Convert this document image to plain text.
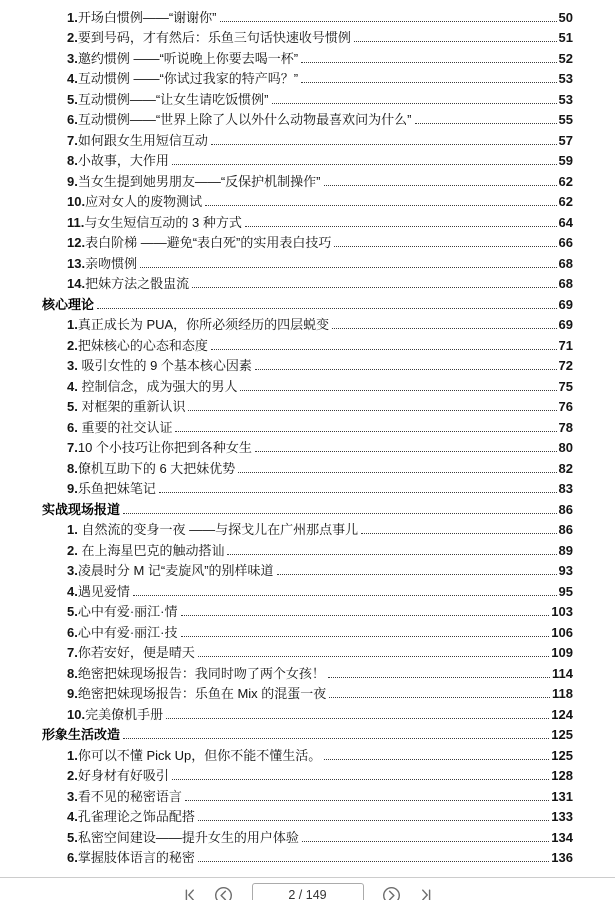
1. 开场白惯例——“谢谢你”	50
2. 要到号码，才有然后：乐鱼三句话快速收号惯例	51
3. 邀约惯例 ——“听说晚上你要去喝一杯”	52
4. 互动惯例 ——“你试过我家的特产吗？”	53
5. 互动惯例——“让女生请吃饭惯例”	53
6. 互动惯例——“世界上除了人以外什么动物最喜欢问为什么”	55
7. 如何跟女生用短信互动	57
8. 小故事，大作用	59
9. 当女生提到她男朋友——“反保护机制操作”	62
10. 应对女人的废物测试	62
11. 与女生短信互动的 3 种方式	64
12. 表白阶梯 ——避免“表白死”的实用表白技巧	66
13. 亲吻惯例	68
14. 把妹方法之骰盅流	68
核心理论	69
1. 真正成长为 PUA，你所必须经历的四层蜕变	69
2. 把妹核心的心态和态度	71
3. 吸引女性的 9 个基本核心因素	72
4. 控制信念，成为强大的男人	75
5. 对框架的重新认识	76
6. 重要的社交认证	78
7. 10 个小技巧让你把到各种女生	80
8. 僚机互助下的 6 大把妹优势	82
9. 乐鱼把妹笔记	83
实战现场报道	86
1. 自然流的变身一夜 ——与探戈儿在广州那点事儿	86
2. 在上海星巴克的触动搭讪	89
3. 凌晨时分 M 记“麦旋风”的别样味道	93
4. 遇见爱情	95
5. 心中有爱·丽江·情	103
6. 心中有爱·丽江·技	106
7. 你若安好，便是晴天	109
8. 绝密把妹现场报告：我同时吻了两个女孩！	114
9. 绝密把妹现场报告：乐鱼在 Mix 的混蛋一夜	118
10. 完美僚机手册	124
形象生活改造	125
1. 你可以不懂 Pick Up，但你不能不懂生活。	125
2. 好身材有好吸引	128
3. 看不见的秘密语言	131
4. 孔雀理论之饰品配搭	133
5. 私密空间建设——提升女生的用户体验	134
6. 掌握肢体语言的秘密	136
2 / 149
